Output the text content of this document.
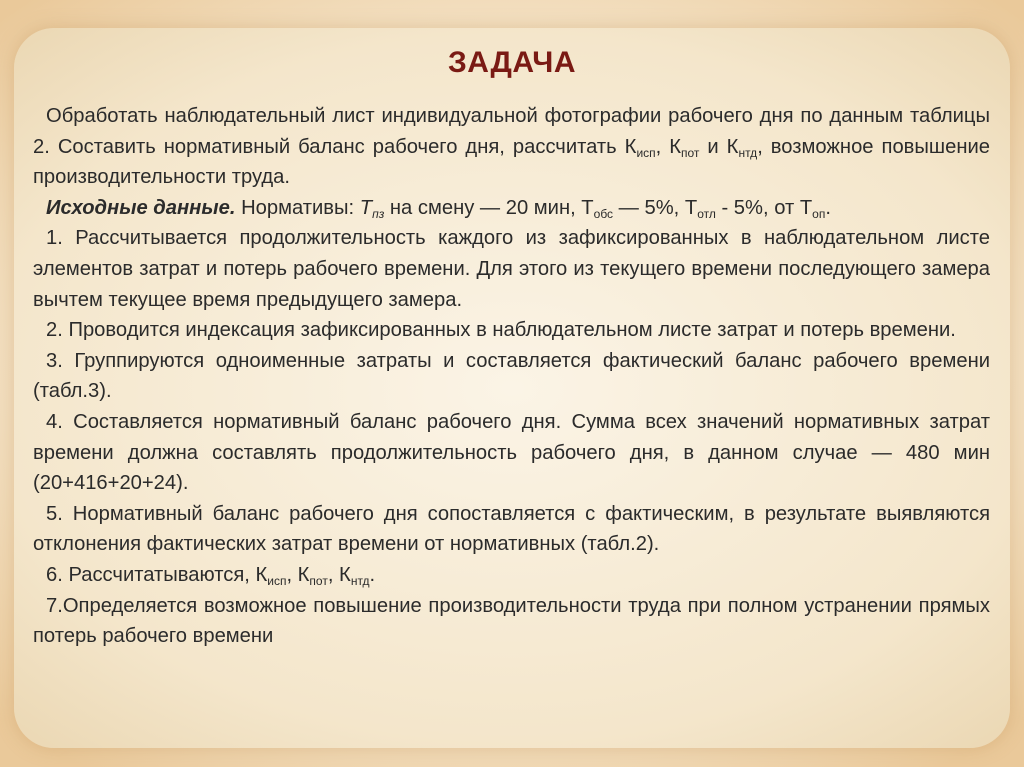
ЗАДАЧА

Обработать наблюдательный лист индивидуальной фотографии рабочего дня по данным таблицы 2. Составить нормативный баланс рабочего дня, рассчитать $К_{исп}$, $К_{пот}$ и $К_{нтд}$, возможное повышение производительности труда.

Исходные данные. Нормативы: $Т_{пз}$ на смену — 20 мин, $Т_{обс}$ — 5%, $Т_{отл} - 5\%$, от $Т_{оп}$.

1. Рассчитывается продолжительность каждого из зафиксированных в наблюдательном листе элементов затрат и потерь рабочего времени. Для этого из текущего времени последующего замера вычтем текущее время предыдущего замера.

2. Проводится индексация зафиксированных в наблюдательном листе затрат и потерь времени.

3. Группируются одноименные затраты и составляется фактический баланс рабочего времени (табл.3).

4. Составляется нормативный баланс рабочего дня. Сумма всех значений нормативных затрат времени должна составлять продолжительность рабочего дня, в данном случае — 480 мин (20+416+20+24).

5. Нормативный баланс рабочего дня сопоставляется с фактическим, в результате выявляются отклонения фактических затрат времени от нормативных (табл.2).

6. Рассчитатываются, $К_{исп}$, $К_{пот}$, $К_{нтд}$.

7.Определяется возможное повышение производительности труда при полном устранении прямых потерь рабочего времени
